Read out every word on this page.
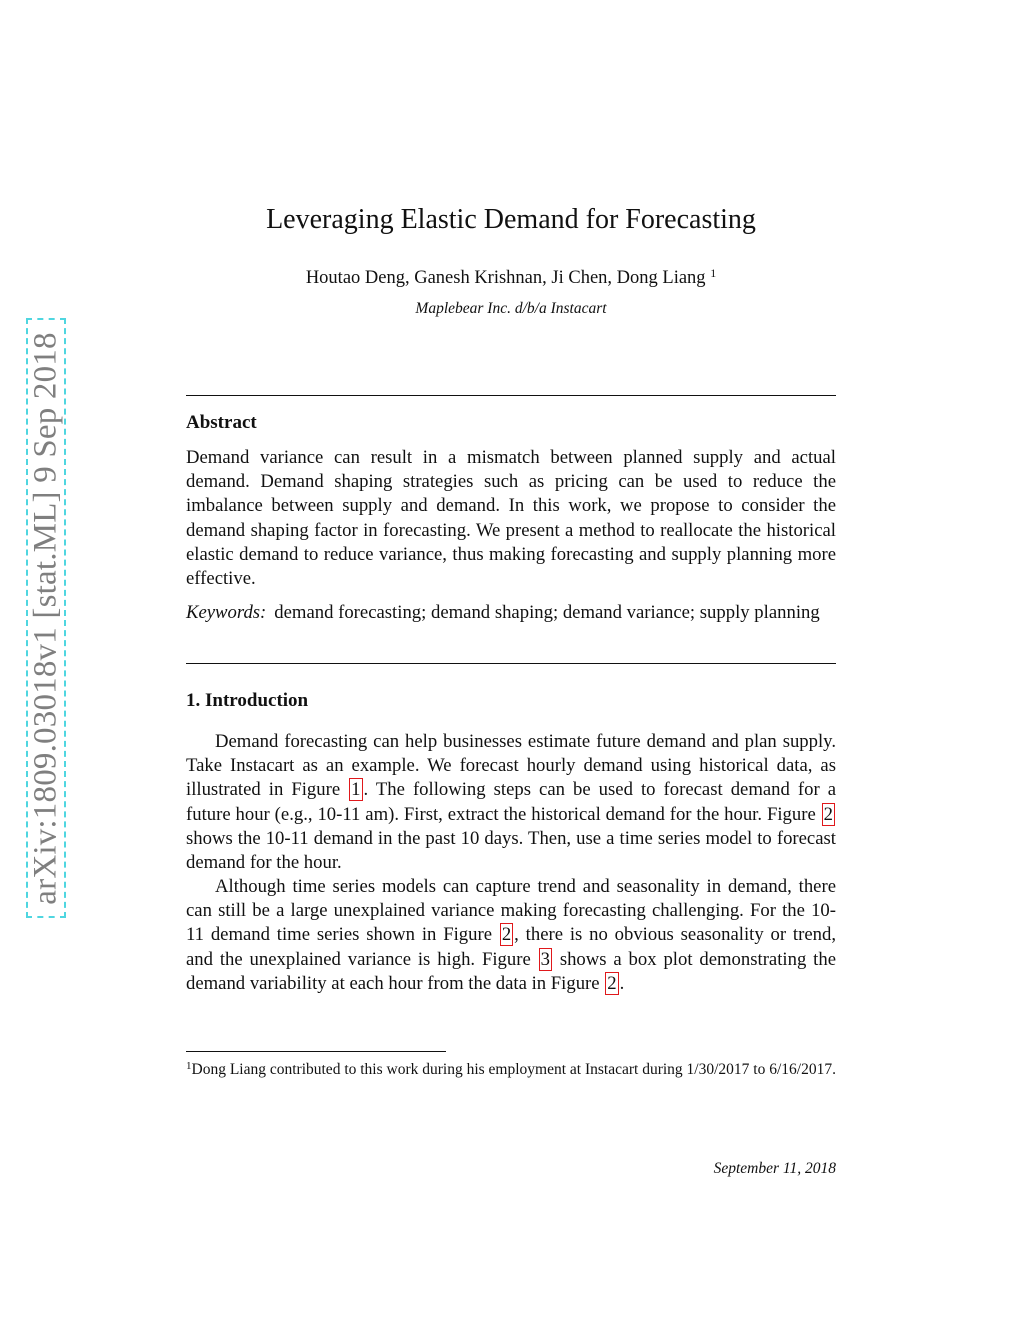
arXiv:1809.03018v1 [stat.ML] 9 Sep 2018
Leveraging Elastic Demand for Forecasting
Houtao Deng, Ganesh Krishnan, Ji Chen, Dong Liang $^1$
Maplebear Inc. d/b/a Instacart
Abstract

Demand variance can result in a mismatch between planned supply and actual demand. Demand shaping strategies such as pricing can be used to reduce the imbalance between supply and demand. In this work, we propose to consider the demand shaping factor in forecasting. We present a method to reallocate the historical elastic demand to reduce variance, thus making forecasting and supply planning more effective.

Keywords: demand forecasting; demand shaping; demand variance; supply planning

1. Introduction

Demand forecasting can help businesses estimate future demand and plan supply. Take Instacart as an example. We forecast hourly demand using historical data, as illustrated in Figure 1 . The following steps can be used to forecast demand for a future hour (e.g., 10-11 am). First, extract the historical demand for the hour. Figure 2 shows the 10-11 demand in the past 10 days. Then, use a time series model to forecast demand for the hour.

Although time series models can capture trend and seasonality in demand, there can still be a large unexplained variance making forecasting challenging. For the 10-11 demand time series shown in Figure 2 , there is no obvious seasonality or trend, and the unexplained variance is high. Figure 3 shows a box plot demonstrating the demand variability at each hour from the data in Figure 2 .

$^1$Dong Liang contributed to this work during his employment at Instacart during 1/30/2017 to 6/16/2017.

September 11, 2018
